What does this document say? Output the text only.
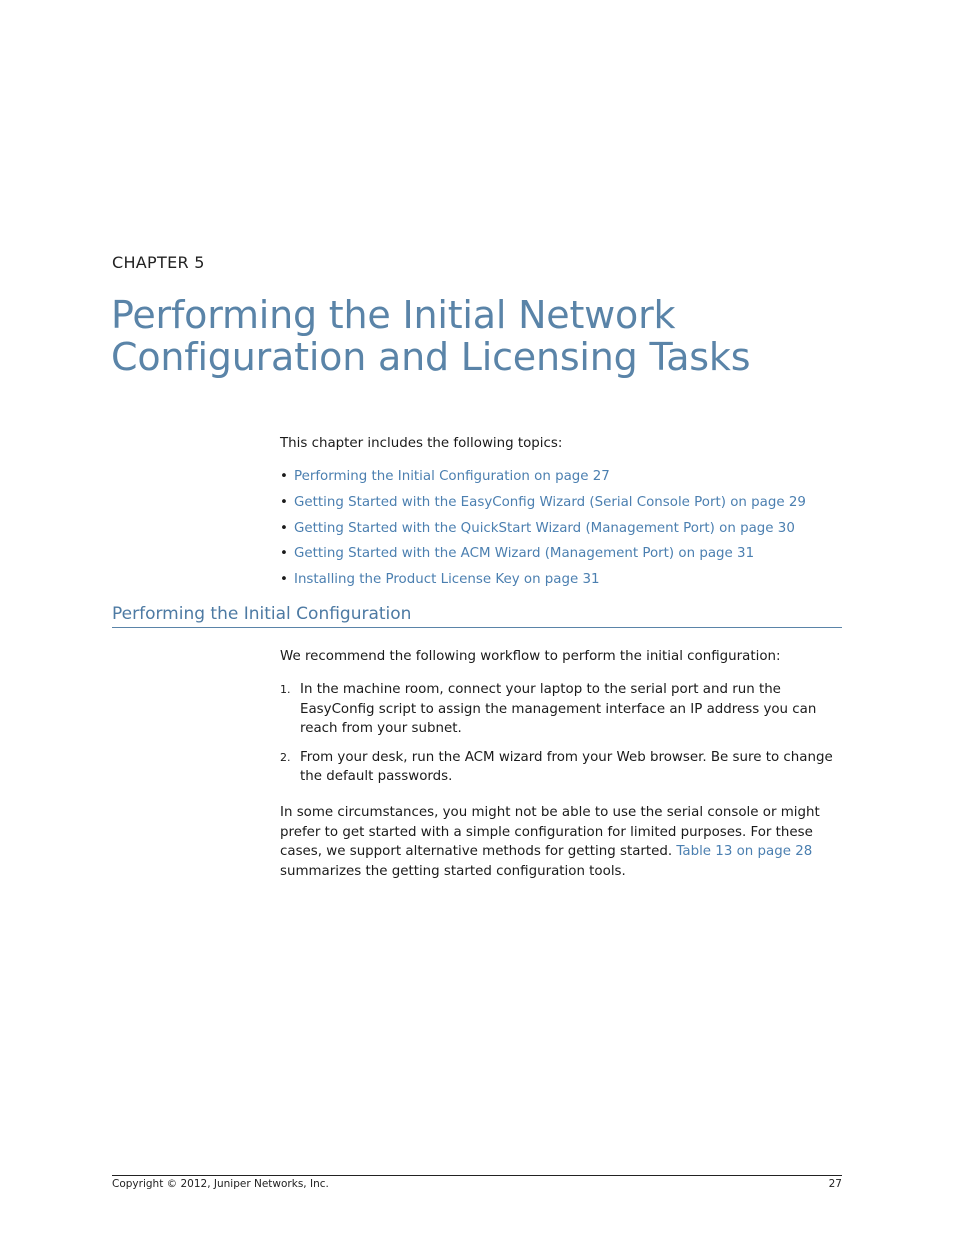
CHAPTER 5
Performing the Initial Network Configuration and Licensing Tasks

This chapter includes the following topics:

• Performing the Initial Configuration on page 27
• Getting Started with the EasyConfig Wizard (Serial Console Port) on page 29
• Getting Started with the QuickStart Wizard (Management Port) on page 30
• Getting Started with the ACM Wizard (Management Port) on page 31
• Installing the Product License Key on page 31
Performing the Initial Configuration

We recommend the following workflow to perform the initial configuration:

1. In the machine room, connect your laptop to the serial port and run the EasyConfig script to assign the management interface an IP address you can reach from your subnet.
2. From your desk, run the ACM wizard from your Web browser. Be sure to change the default passwords.

In some circumstances, you might not be able to use the serial console or might prefer to get started with a simple configuration for limited purposes. For these cases, we support alternative methods for getting started. Table 13 on page 28 summarizes the getting started configuration tools.

Copyright © 2012, Juniper Networks, Inc.	27
